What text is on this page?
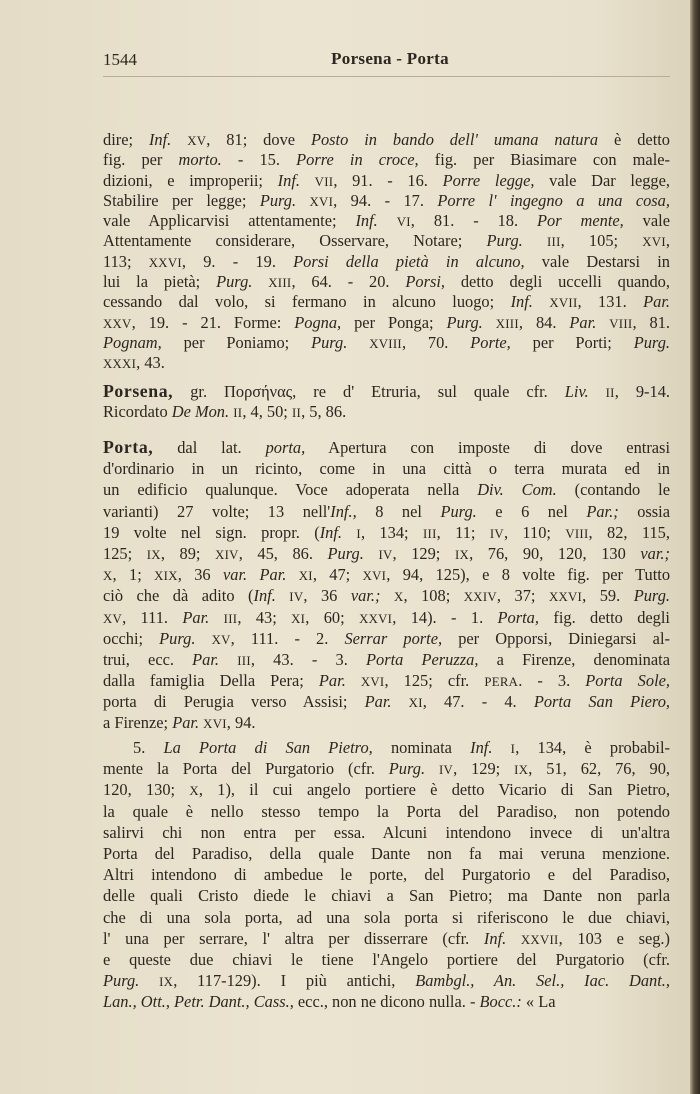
1544	Porsena - Porta
dire; Inf. XV, 81; dove Posto in bando dell' umana natura è detto
fig. per morto. - 15. Porre in croce, fig. per Biasimare con male-
dizioni, e improperii; Inf. VII, 91. - 16. Porre legge, vale Dar legge,
Stabilire per legge; Purg. XVI, 94. - 17. Porre l' ingegno a una cosa,
vale Applicarvisi attentamente; Inf. VI, 81. - 18. Por mente, vale
Attentamente considerare, Osservare, Notare; Purg. III, 105; XVI,
113; XXVI, 9. - 19. Porsi della pietà in alcuno, vale Destarsi in
lui la pietà; Purg. XIII, 64. - 20. Porsi, detto degli uccelli quando,
cessando dal volo, si fermano in alcuno luogo; Inf. XVII, 131. Par.
XXV, 19. - 21. Forme: Pogna, per Ponga; Purg. XIII, 84. Par. VIII, 81.
Pognam, per Poniamo; Purg. XVIII, 70. Porte, per Porti; Purg.
XXXI, 43.
Porsena, gr. Πορσήνας, re d' Etruria, sul quale cfr. Liv. II, 9-14.
Ricordato De Mon. II, 4, 50; II, 5, 86.
Porta, dal lat. porta, Apertura con imposte di dove entrasi
d'ordinario in un ricinto, come in una città o terra murata ed in
un edificio qualunque. Voce adoperata nella Div. Com. (contando le
varianti) 27 volte; 13 nell'Inf., 8 nel Purg. e 6 nel Par.; ossia
19 volte nel sign. propr. (Inf. I, 134; III, 11; IV, 110; VIII, 82, 115,
125; IX, 89; XIV, 45, 86. Purg. IV, 129; IX, 76, 90, 120, 130 var.;
X, 1; XIX, 36 var. Par. XI, 47; XVI, 94, 125), e 8 volte fig. per Tutto
ciò che dà adito (Inf. IV, 36 var.; X, 108; XXIV, 37; XXVI, 59. Purg.
XV, 111. Par. III, 43; XI, 60; XXVI, 14). - 1. Porta, fig. detto degli
occhi; Purg. XV, 111. - 2. Serrar porte, per Opporsi, Diniegarsi al-
trui, ecc. Par. III, 43. - 3. Porta Peruzza, a Firenze, denominata
dalla famiglia Della Pera; Par. XVI, 125; cfr. PERA. - 3. Porta Sole,
porta di Perugia verso Assisi; Par. XI, 47. - 4. Porta San Piero,
a Firenze; Par. XVI, 94.
5. La Porta di San Pietro, nominata Inf. I, 134, è probabil-
mente la Porta del Purgatorio (cfr. Purg. IV, 129; IX, 51, 62, 76, 90,
120, 130; X, 1), il cui angelo portiere è detto Vicario di San Pietro,
la quale è nello stesso tempo la Porta del Paradiso, non potendo
salirvi chi non entra per essa. Alcuni intendono invece di un'altra
Porta del Paradiso, della quale Dante non fa mai veruna menzione.
Altri intendono di ambedue le porte, del Purgatorio e del Paradiso,
delle quali Cristo diede le chiavi a San Pietro; ma Dante non parla
che di una sola porta, ad una sola porta si riferiscono le due chiavi,
l' una per serrare, l' altra per disserrare (cfr. Inf. XXVII, 103 e seg.)
e queste due chiavi le tiene l'Angelo portiere del Purgatorio (cfr.
Purg. IX, 117-129). I più antichi, Bambgl., An. Sel., Iac. Dant.,
Lan., Ott., Petr. Dant., Cass., ecc., non ne dicono nulla. - Bocc.: « La
